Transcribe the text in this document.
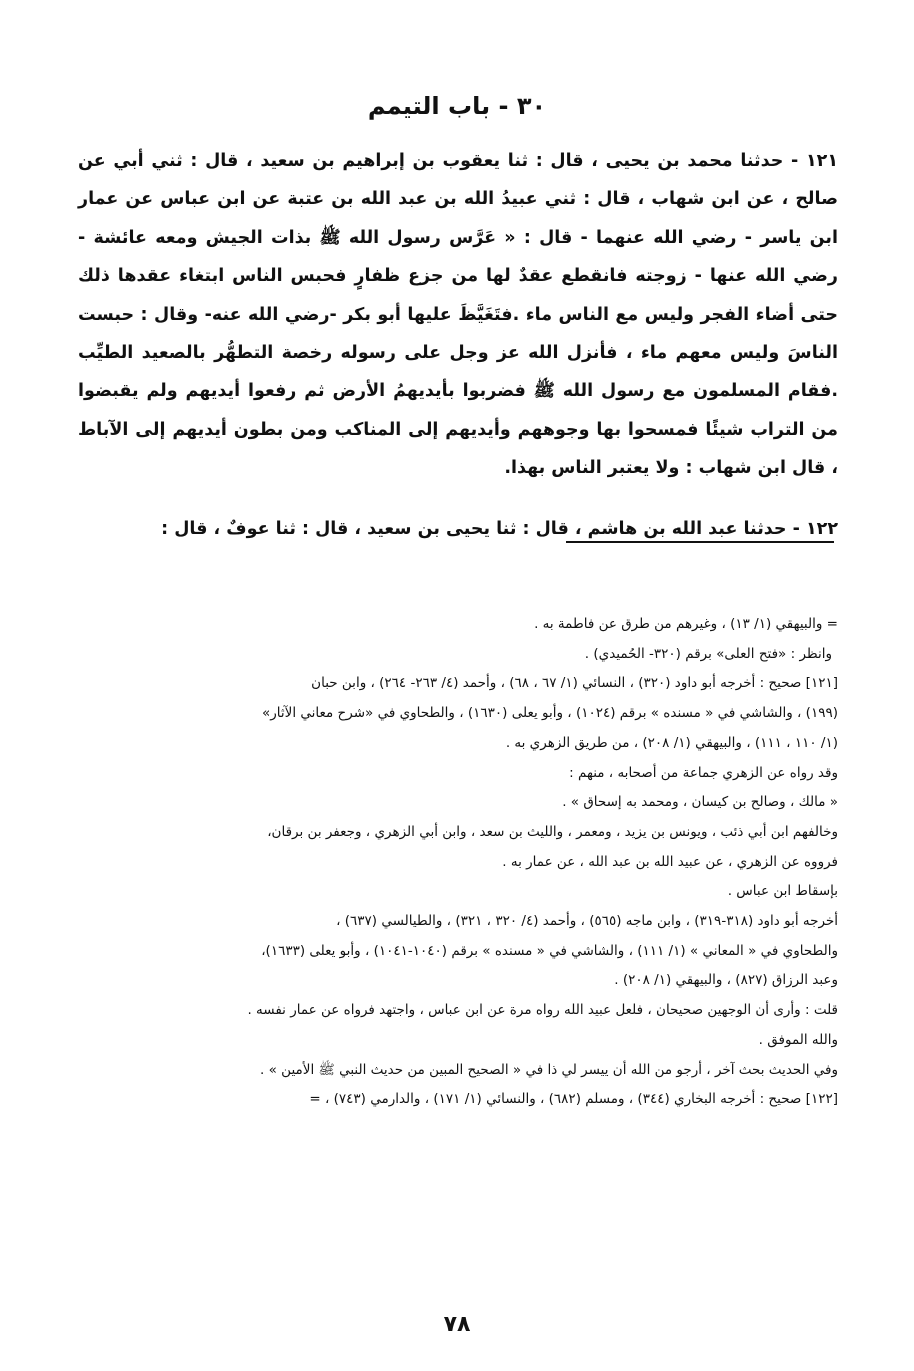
٣٠ - باب التيمم

١٢١ - حدثنا محمد بن يحيى ، قال : ثنا يعقوب بن إبراهيم بن سعيد ، قال : ثني أبي عن صالح ، عن ابن شهاب ، قال : ثني عبيدُ الله بن عبد الله بن عتبة عن ابن عباس عن عمار ابن ياسر - رضي الله عنهما - قال : « عَرَّس رسول الله ﷺ بذات الجيش ومعه عائشة - رضي الله عنها - زوجته فانقطع عقدٌ لها من جزع ظفارٍ فحبس الناس ابتغاء عقدها ذلك حتى أضاء الفجر وليس مع الناس ماء .فتَغَيَّظَ عليها أبو بكر -رضي الله عنه- وقال : حبست الناسَ وليس معهم ماء ، فأنزل الله عز وجل على رسوله رخصة التطهُّر بالصعيد الطيِّب .فقام المسلمون مع رسول الله ﷺ فضربوا بأيديهمُ الأرض ثم رفعوا أيديهم ولم يقبضوا من التراب شيئًا فمسحوا بها وجوههم وأيديهم إلى المناكب ومن بطون أيديهم إلى الآباط ، قال ابن شهاب : ولا يعتبر الناس بهذا.

١٢٢ - حدثنا عبد الله بن هاشم ، قال : ثنا يحيى بن سعيد ، قال : ثنا عوفٌ ، قال :

= والبيهقي (١/ ١٣) ، وغيرهم من طرق عن فاطمة به .
وانظر : «فتح العلى» برقم (٣٢٠- الحُميدي) .
[١٢١] صحيح : أخرجه أبو داود (٣٢٠) ، النسائي (١/ ٦٧ ، ٦٨) ، وأحمد (٤/ ٢٦٣- ٢٦٤) ، وابن حبان
(١٩٩) ، والشاشي في « مسنده » برقم (١٠٢٤) ، وأبو يعلى (١٦٣٠) ، والطحاوي في «شرح معاني الآثار»
(١/ ١١٠ ، ١١١) ، والبيهقي (١/ ٢٠٨) ، من طريق الزهري به .
وقد رواه عن الزهري جماعة من أصحابه ، منهم :
« مالك ، وصالح بن كيسان ، ومحمد به إسحاق » .
وخالفهم ابن أبي ذئب ، ويونس بن يزيد ، ومعمر ، والليث بن سعد ، وابن أبي الزهري ، وجعفر بن برقان،
فرووه عن الزهري ، عن عبيد الله بن عبد الله ، عن عمار به .
بإسقاط ابن عباس .
أخرجه أبو داود (٣١٨-٣١٩) ، وابن ماجه (٥٦٥) ، وأحمد (٤/ ٣٢٠ ، ٣٢١) ، والطيالسي (٦٣٧) ،
والطحاوي في « المعاني » (١/ ١١١) ، والشاشي في « مسنده » برقم (١٠٤٠-١٠٤١) ، وأبو يعلى (١٦٣٣)،
وعبد الرزاق (٨٢٧) ، والبيهقي (١/ ٢٠٨) .
قلت : وأرى أن الوجهين صحيحان ، فلعل عبيد الله رواه مرة عن ابن عباس ، واجتهد فرواه عن عمار نفسه .
والله الموفق .
وفي الحديث بحث آخر ، أرجو من الله أن ييسر لي ذا في « الصحيح المبين من حديث النبي ﷺ الأمين » .
[١٢٢] صحيح : أخرجه البخاري (٣٤٤) ، ومسلم (٦٨٢) ، والنسائي (١/ ١٧١) ، والدارمي (٧٤٣) ، =
٧٨
